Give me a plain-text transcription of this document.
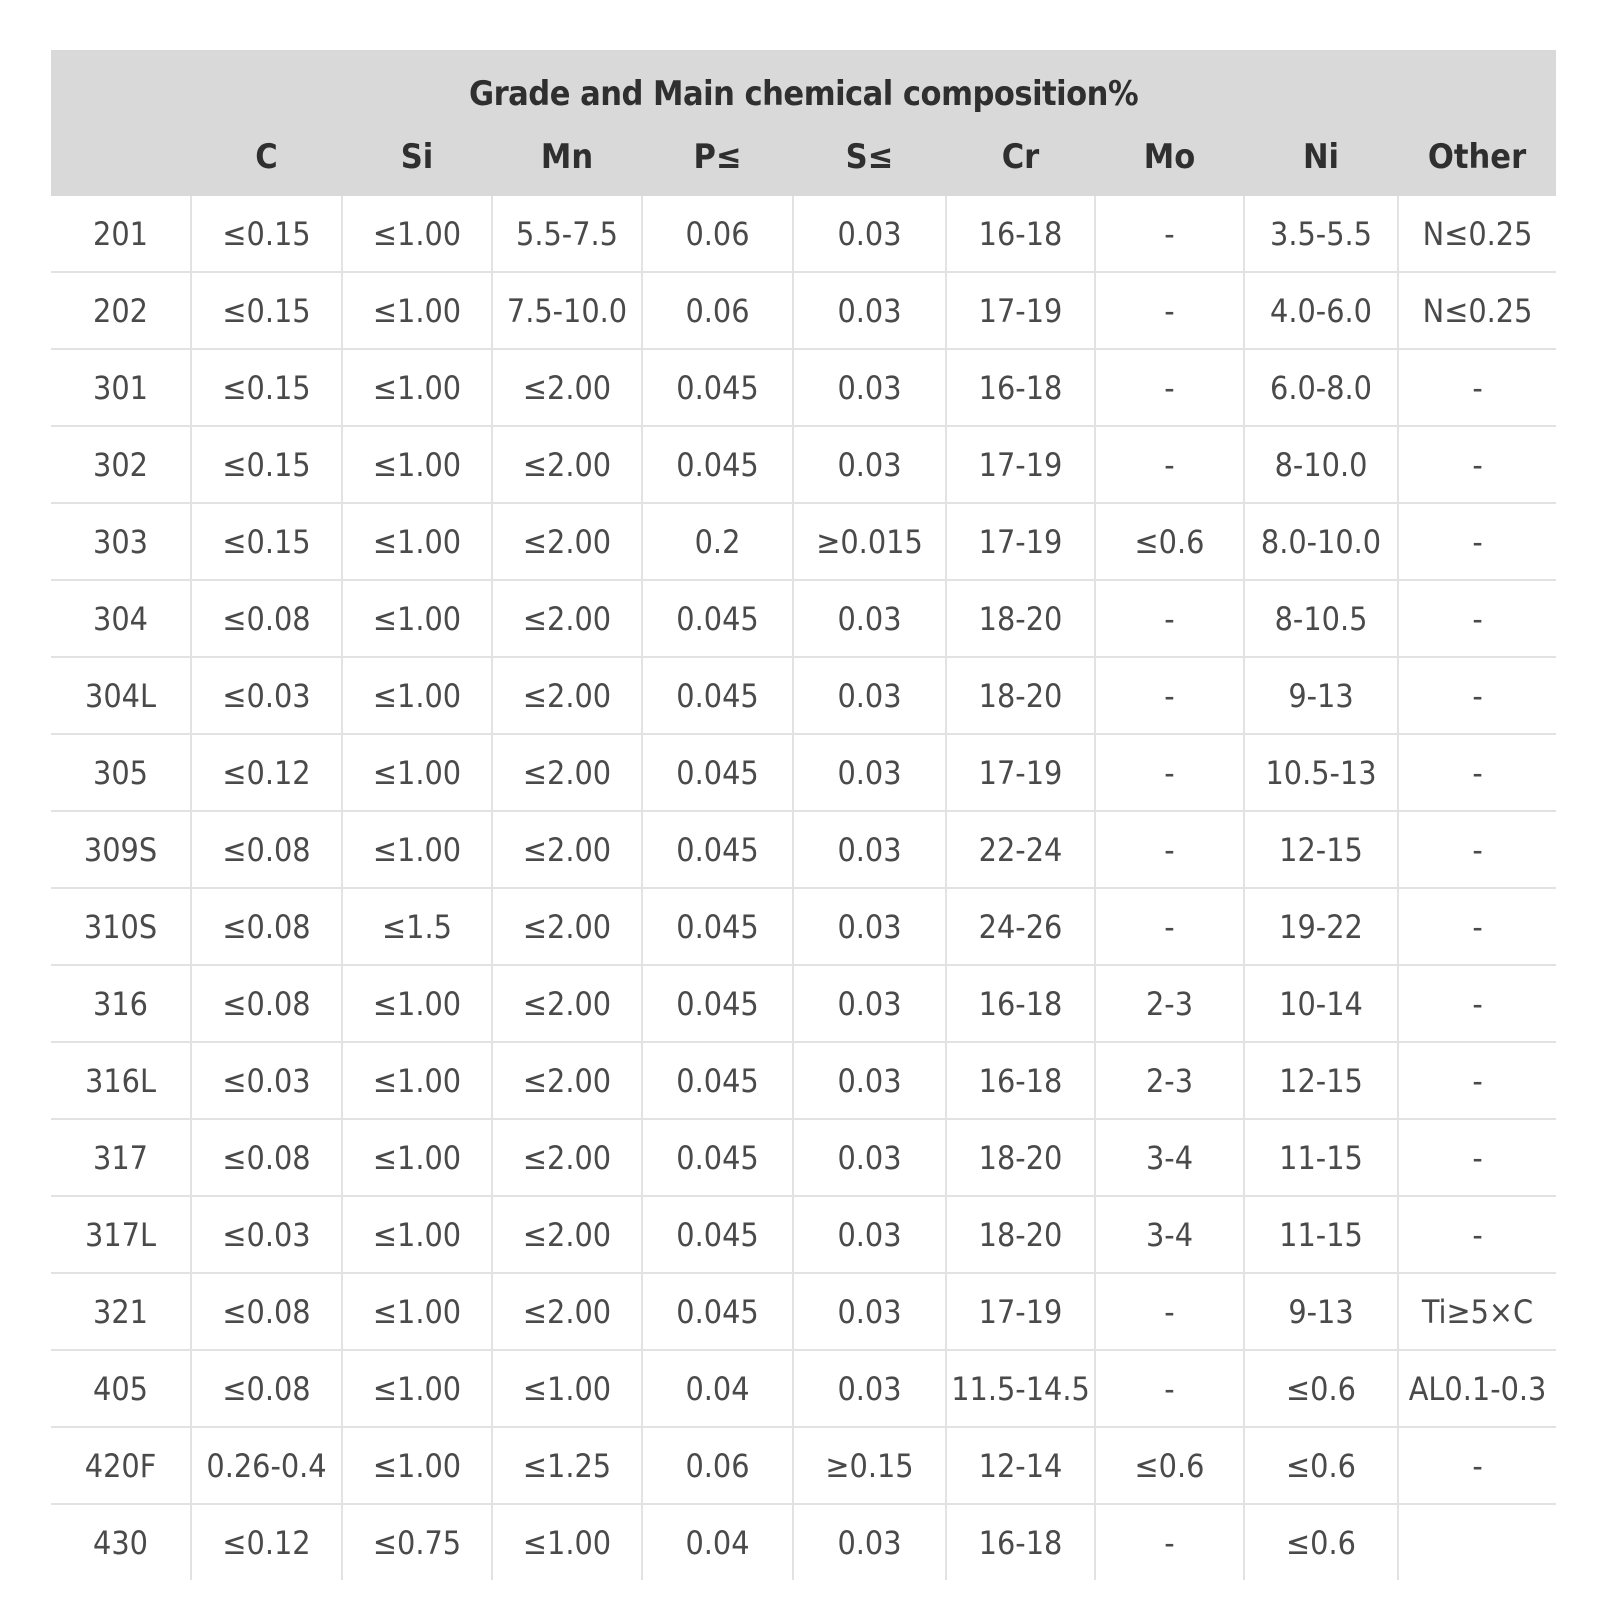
Grade and Main chemical composition%									
	C	Si	Mn	P≤	S≤	Cr	Mo	Ni	Other
201	≤0.15	≤1.00	5.5-7.5	0.06	0.03	16-18	-	3.5-5.5	N≤0.25
202	≤0.15	≤1.00	7.5-10.0	0.06	0.03	17-19	-	4.0-6.0	N≤0.25
301	≤0.15	≤1.00	≤2.00	0.045	0.03	16-18	-	6.0-8.0	-
302	≤0.15	≤1.00	≤2.00	0.045	0.03	17-19	-	8-10.0	-
303	≤0.15	≤1.00	≤2.00	0.2	≥0.015	17-19	≤0.6	8.0-10.0	-
304	≤0.08	≤1.00	≤2.00	0.045	0.03	18-20	-	8-10.5	-
304L	≤0.03	≤1.00	≤2.00	0.045	0.03	18-20	-	9-13	-
305	≤0.12	≤1.00	≤2.00	0.045	0.03	17-19	-	10.5-13	-
309S	≤0.08	≤1.00	≤2.00	0.045	0.03	22-24	-	12-15	-
310S	≤0.08	≤1.5	≤2.00	0.045	0.03	24-26	-	19-22	-
316	≤0.08	≤1.00	≤2.00	0.045	0.03	16-18	2-3	10-14	-
316L	≤0.03	≤1.00	≤2.00	0.045	0.03	16-18	2-3	12-15	-
317	≤0.08	≤1.00	≤2.00	0.045	0.03	18-20	3-4	11-15	-
317L	≤0.03	≤1.00	≤2.00	0.045	0.03	18-20	3-4	11-15	-
321	≤0.08	≤1.00	≤2.00	0.045	0.03	17-19	-	9-13	Ti≥5×C
405	≤0.08	≤1.00	≤1.00	0.04	0.03	11.5-14.5	-	≤0.6	AL0.1-0.3
420F	0.26-0.4	≤1.00	≤1.25	0.06	≥0.15	12-14	≤0.6	≤0.6	-
430	≤0.12	≤0.75	≤1.00	0.04	0.03	16-18	-	≤0.6	
